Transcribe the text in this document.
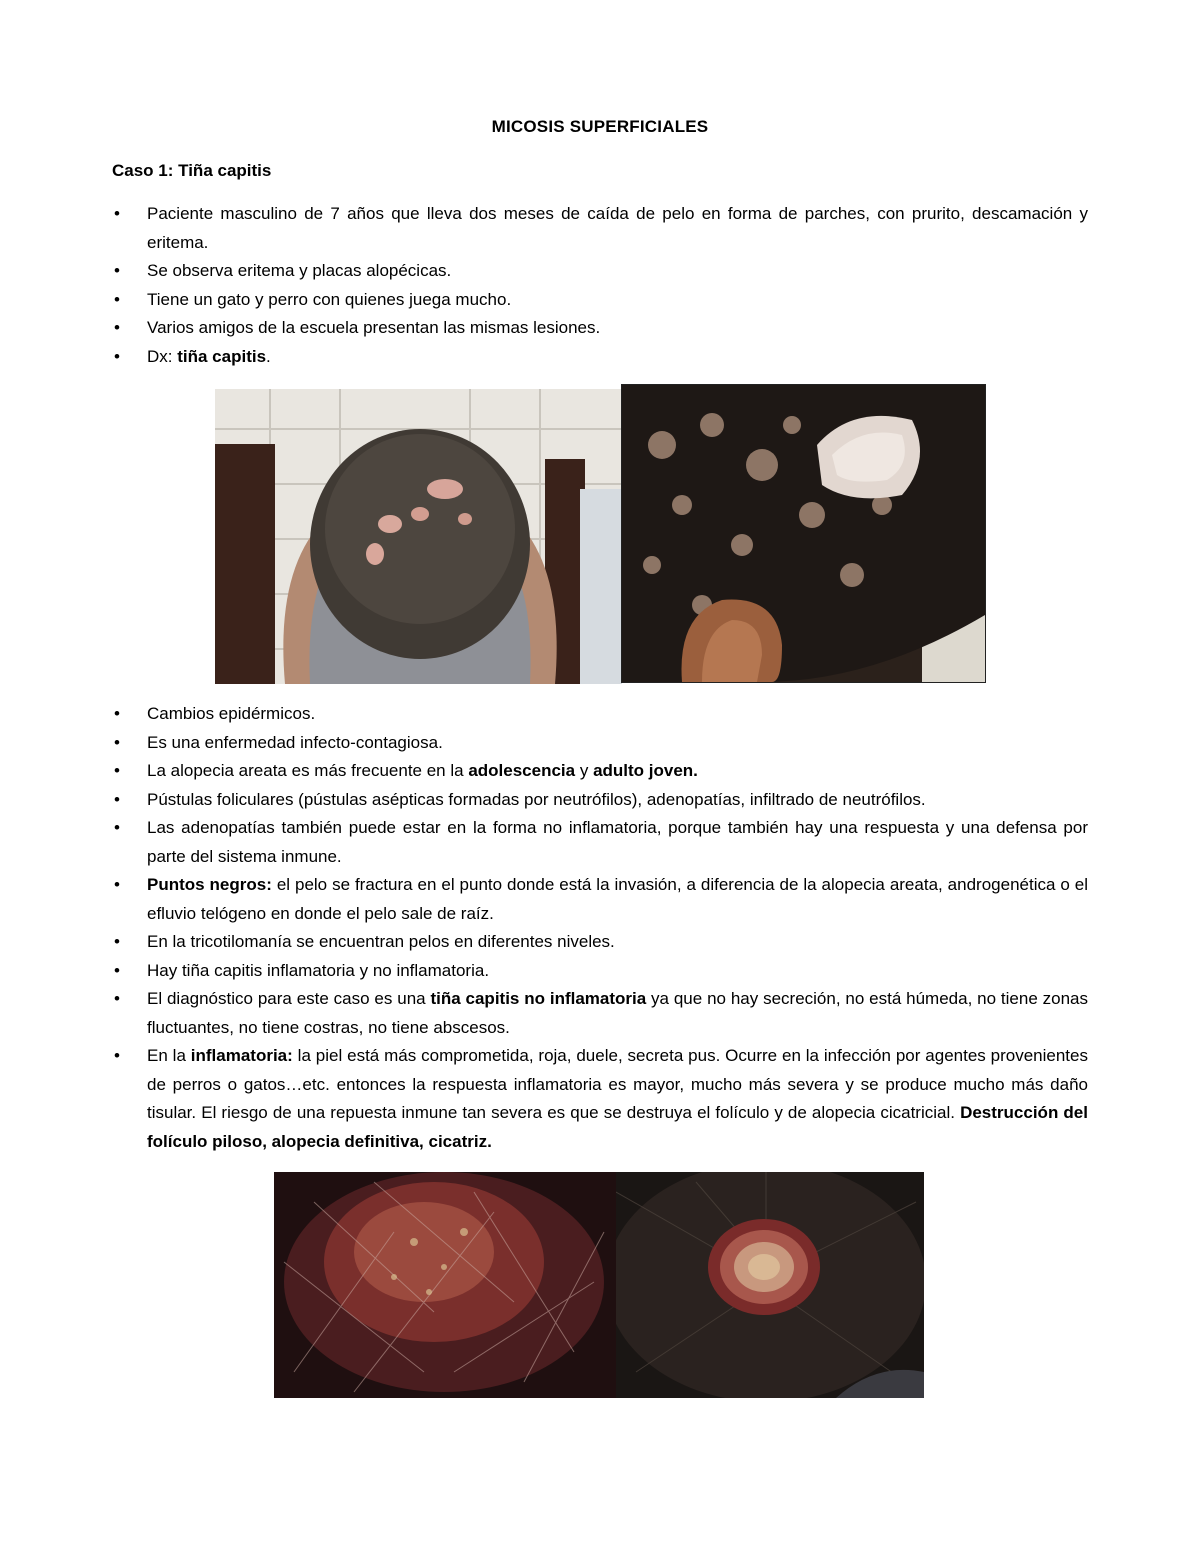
MICOSIS SUPERFICIALES
Caso 1: Tiña capitis
• Paciente masculino de 7 años que lleva dos meses de caída de pelo en forma de parches, con prurito, descamación y eritema.
• Se observa eritema y placas alopécicas.
• Tiene un gato y perro con quienes juega mucho.
• Varios amigos de la escuela presentan las mismas lesiones.
• Dx: tiña capitis.
• Cambios epidérmicos.
• Es una enfermedad infecto-contagiosa.
• La alopecia areata es más frecuente en la adolescencia y adulto joven.
• Pústulas foliculares (pústulas asépticas formadas por neutrófilos), adenopatías, infiltrado de neutrófilos.
• Las adenopatías también puede estar en la forma no inflamatoria, porque también hay una respuesta y una defensa por parte del sistema inmune.
• Puntos negros: el pelo se fractura en el punto donde está la invasión, a diferencia de la alopecia areata, androgenética o el efluvio telógeno en donde el pelo sale de raíz.
• En la tricotilomanía se encuentran pelos en diferentes niveles.
• Hay tiña capitis inflamatoria y no inflamatoria.
• El diagnóstico para este caso es una tiña capitis no inflamatoria ya que no hay secreción, no está húmeda, no tiene zonas fluctuantes, no tiene costras, no tiene abscesos.
• En la inflamatoria: la piel está más comprometida, roja, duele, secreta pus. Ocurre en la infección por agentes provenientes de perros o gatos…etc. entonces la respuesta inflamatoria es mayor, mucho más severa y se produce mucho más daño tisular. El riesgo de una repuesta inmune tan severa es que se destruya el folículo y de alopecia cicatricial. Destrucción del folículo piloso, alopecia definitiva, cicatriz.
